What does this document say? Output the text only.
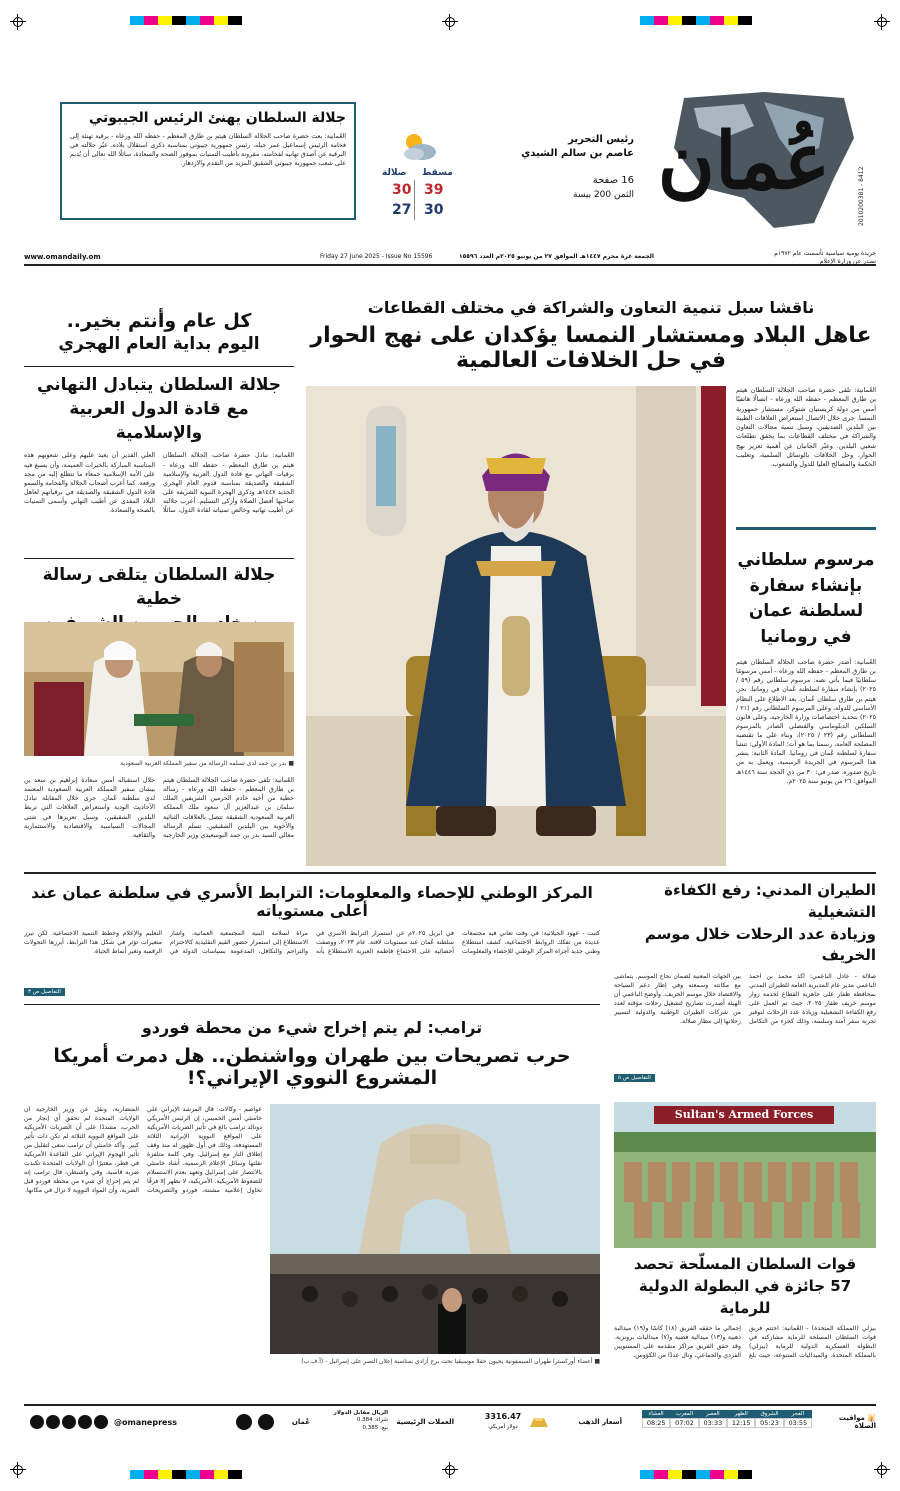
عُمان	2010200381 - 8412
رئيس التحرير
عاصم بن سالم الشيدي
16 صفحة
الثمن 200 بيسة
مسقط
صلالة
39
30
30
27
جلالة السلطان يهنئ الرئيس الجيبوتي
العُمانية: بعث حضرة صاحب الجلالة السلطان هيثم بن طارق المعظم - حفظه الله ورعاه - برقية تهنئة إلى فخامة الرئيس إسماعيل عمر جيله، رئيس جمهورية جيبوتي بمناسبة ذكرى استقلال بلاده. عبّر جلالته في البرقية عن أصدق تهانيه لفخامته، مقرونة بأطيب التمنيات بموفور الصحة والسعادة، سائلًا الله تعالى أن يُديم على شعب جمهورية جيبوتي الشقيق المزيد من التقدم والازدهار.
جريدة يومية سياسية تأسست عام ١٩٧٢م
تصدر عن وزارة الإعلام
الجمعة غرة محرم ١٤٤٧هـ الموافق ٢٧ من يونيو ٢٠٢٥م العدد ١٥٥٩٦
Friday 27 June 2025 - Issue No 15596
www.omandaily.om
ناقشا سبل تنمية التعاون والشراكة في مختلف القطاعات
عاهل البلاد ومستشار النمسا يؤكدان على نهج الحوار في حل الخلافات العالمية
العُمانية: تلقى حضرة صاحب الجلالة السلطان هيثم بن طارق المعظم - حفظه الله ورعاه - اتصالًا هاتفيًا أمس من دولة كريستيان شتوكر، مستشار جمهورية النمسا. جرى خلال الاتصال استعراض العلاقات الطيبة بين البلدين الصديقين، وسبل تنمية مجالات التعاون والشراكة في مختلف القطاعات بما يحقق تطلعات شعبي البلدين. وعبّر الجانبان عن أهمية تعزيز نهج الحوار، وحل الخلافات بالوسائل السلمية، وتغليب الحكمة والمصالح العليا للدول والشعوب.
مرسوم سلطاني
بإنشاء سفارة
لسلطنة عمان
في رومانيا
العُمانية: أصدر حضرة صاحب الجلالة السلطان هيثم بن طارق المعظم - حفظه الله ورعاه - أمس مرسومًا سلطانيًا فيما يأتي نصه: مرسوم سلطاني رقم (٥٩ / ٢٠٢٥) بإنشاء سفارة لسلطنة عُمان في رومانيا. نحن هيثم بن طارق سلطان عُمان، بعد الاطلاع على النظام الأساسي للدولة، وعلى المرسوم السلطاني رقم (٢١ / ٢٠٢٥) بتحديد اختصاصات وزارة الخارجية، وعلى قانون السلكين الدبلوماسي والقنصلي الصادر بالمرسوم السلطاني رقم (٢٣ / ٢٠٢٥)، وبناء على ما تقتضيه المصلحة العامة، رسمنا بما هو آت: المادة الأولى: تنشأ سفارة لسلطنة عُمان في رومانيا. المادة الثانية: ينشر هذا المرسوم في الجريدة الرسمية، ويعمل به من تاريخ صدوره. صدر في: ٣٠ من ذي الحجة سنة ١٤٤٦هـ الموافق: ٢٦ من يونيو سنة ٢٠٢٥م.
كل عام وأنتم بخير..
اليوم بداية العام الهجري
جلالة السلطان يتبادل التهاني
مع قادة الدول العربية والإسلامية
العُمانية: تبادل حضرة صاحب الجلالة السلطان هيثم بن طارق المعظم - حفظه الله ورعاه - برقيات التهاني مع قادة الدول العربية والإسلامية الشقيقة والصديقة بمناسبة قدوم العام الهجري الجديد ١٤٤٧هـ وذكرى الهجرة النبوية الشريفة على صاحبها أفضل الصلاة وأزكى التسليم. أعرب جلالته عن أطيب تهانيه وخالص تمنياته لقادة الدول، سائلًا العلي القدير أن يعيد عليهم وعلى شعوبهم هذه المناسبة المباركة بالخيرات العميمة، وأن يسبغ فيه على الأمة الإسلامية جمعاء ما تتطلع إليه من مجد ورفعة. كما أعرب أصحاب الجلالة والفخامة والسمو قادة الدول الشقيقة والصديقة في برقياتهم لعاهل البلاد المفدى عن أطيب التهاني وأسمى التمنيات بالصحة والسعادة.
جلالة السلطان يتلقى رسالة خطية
■ بدر بن حمد لدى تسلمه الرسالة من سفير المملكة العربية السعودية
العُمانية: تلقى حضرة صاحب الجلالة السلطان هيثم بن طارق المعظم - حفظه الله ورعاه - رسالة خطية من أخيه خادم الحرمين الشريفين الملك سلمان بن عبدالعزيز آل سعود ملك المملكة العربية السعودية الشقيقة تتصل بالعلاقات الثنائية والأخوية بين البلدين الشقيقين. تسلم الرسالة معالي السيد بدر بن حمد البوسعيدي وزير الخارجية خلال استقباله أمس سعادة إبراهيم بن سعد بن بيشان سفير المملكة العربية السعودية المعتمد لدى سلطنة عُمان. جرى خلال المقابلة تبادل الأحاديث الودية واستعراض العلاقات التي تربط البلدين الشقيقين، وسبل تعزيزها في شتى المجالات السياسية والاقتصادية والاستثمارية والثقافية.
الطيران المدني: رفع الكفاءة التشغيلية
وزيادة عدد الرحلات خلال موسم الخريف
صلالة - عادل الباعمي: أكد محمد بن أحمد الباعمي مدير عام المديرية العامة للطيران المدني بمحافظة ظفار على جاهزية القطاع لخدمة زوار موسم خريف ظفار ٢٠٢٥، حيث تم العمل على رفع الكفاءة التشغيلية وزيادة عدد الرحلات لتوفير تجربة سفر آمنة وسلسة، وذلك كجزء من التكامل بين الجهات المعنية لضمان نجاح الموسم. يتماشى مع مكانته وسمعته وفي إطار دعم السياحة والاقتصاد خلال موسم الخريف. وأوضح الباعمي أن الهيئة أصدرت تصاريح لتشغيل رحلات مؤقتة لعدد من شركات الطيران الوطنية والدولية لتسيير رحلاتها إلى مطار صلالة.
التفاصيل ص ٥
المركز الوطني للإحصاء والمعلومات: الترابط الأسري في سلطنة عمان عند أعلى مستوياته
كتبت - عهود الجيلانية: في وقت تعاني فيه مجتمعات عديدة من تفكك الروابط الاجتماعية، كشف استطلاع وطني جديد أجراه المركز الوطني للإحصاء والمعلومات في أبريل ٢٠٢٥م عن استمرار الترابط الأسري في سلطنة عُمان عند مستويات لافتة. عام ٢٠٢٣، ووصفت أحصائية على الاجتماع قاطمة العبرية الاستطلاع بأنه مرآة لسلامة البنية المجتمعية العمانية، وأشار الاستطلاع إلى استمرار حضور القيم التقليدية كالاحترام والتراحم والتكافل، المدعومة بسياسات الدولة في التعليم والإعلام وخطط التنمية الاجتماعية. لكن تبرز متغيرات تؤثر في شكل هذا الترابط، أبرزها التحولات الرقمية وتغير أنماط الحياة.
التفاصيل ص ٣
ترامب: لم يتم إخراج شيء من محطة فوردو
حرب تصريحات بين طهران وواشنطن.. هل دمرت أمريكا المشروع النووي الإيراني؟!
■ أعضاء أوركسترا طهران السيمفونية يحيون حفلا موسيقيا تحت برج آزادي بمناسبة إعلان النصر على إسرائيل - (أ.ف.ب)
عواصم - وكالات: قال المرشد الإيراني علي خامنئي أمس الخميس، إن الرئيس الأمريكي دونالد ترامب بالغ في تأثير الضربات الأمريكية على المواقع النووية الإيرانية الثلاثة المستهدفة، وذلك في أول ظهور له منذ وقف إطلاق النار مع إسرائيل. وفي كلمة متلفزة نقلتها وسائل الإعلام الرسمية، أشاد خامنئي بالانتصار على إسرائيل وتعهد بعدم الاستسلام للضغوط الأمريكية. الأمريكية، لا تظهر إلا فرقًا تحاول إعلامية مشتتة، فوردو والتصريحات المتضاربة، ونقل عن وزير الخارجية أن الولايات المتحدة لم تحقق أي إنجاز من الحرب، مشددًا على أن الضربات الأمريكية على المواقع النووية الثلاثة لم تكن ذات تأثير كبير. وأكد خامنئي أن ترامب سعى لتقليل من تأثير الهجوم الإيراني على القاعدة الأمريكية في قطر، معتبرًا أن الولايات المتحدة تكبدت ضربة قاسية. وفي واشنطن، قال ترامب إنه لم يتم إخراج أي شيء من محطة فوردو قبل الضربة، وأن المواد النووية لا تزال في مكانها.
Sultan's Armed Forces
قوات السلطان المسلّحة تحصد
57 جائزة في البطولة الدولية للرماية
بيزلي (المملكة المتحدة) - العُمانية: اختتم فريق قوات السلطان المسلحة للرماية مشاركته في البطولة العسكرية الدولية للرماية (بيزلي) بالمملكة المتحدة. والميداليات المتنوعة، حيث بلغ إجمالي ما حققه الفريق (١٨) كأسًا و(١٩) ميدالية ذهبية و(١٣) ميدالية فضية و(٧) ميداليات برونزية. وقد حقق الفريق مراكز متقدمة على المستويين الفردي والجماعي، ونال عددًا من الكؤوس.
🕌 مواقيت الصلاة
الفجر
03:55
الشروق
05:23
الظهر
12:15
العصر
03:33
المغرب
07:02
العشاء
08:25
أسعار الذهب
3316.47
دولار أمريكي
العملات الرئيسية
الريال مقابل الدولار
شراء: 0.384
بيع: 0.385
عُمان
@omanepress
